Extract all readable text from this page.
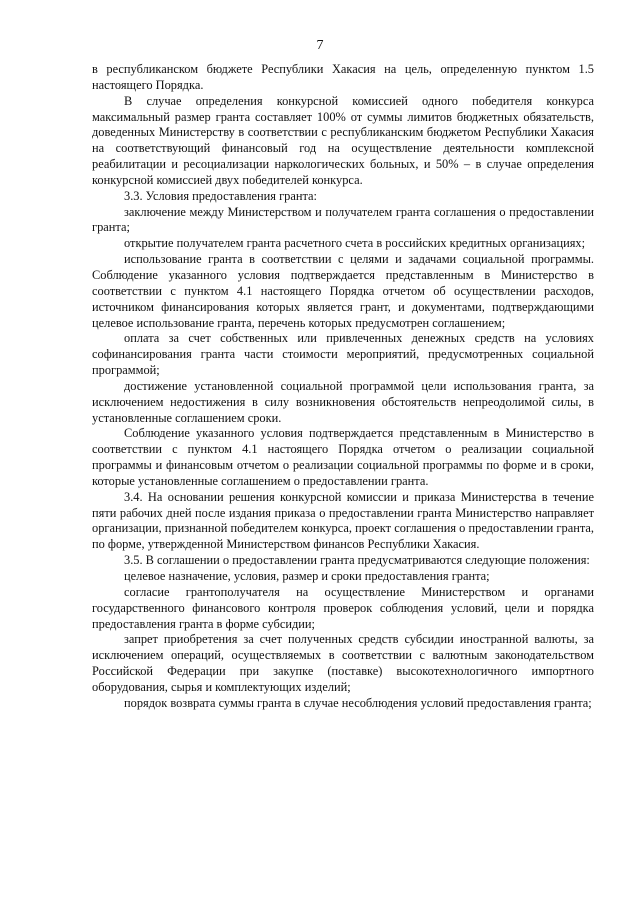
7

в республиканском бюджете Республики Хакасия на цель, определенную пунктом 1.5 настоящего Порядка.

В случае определения конкурсной комиссией одного победителя конкурса максимальный размер гранта составляет 100% от суммы лимитов бюджетных обязательств, доведенных Министерству в соответствии с республиканским бюджетом Республики Хакасия на соответствующий финансовый год на осуществление деятельности комплексной реабилитации и ресоциализации наркологических больных, и 50% – в случае определения конкурсной комиссией двух победителей конкурса.

3.3. Условия предоставления гранта:

заключение между Министерством и получателем гранта соглашения о предоставлении гранта;

открытие получателем гранта расчетного счета в российских кредитных организациях;

использование гранта в соответствии с целями и задачами социальной программы. Соблюдение указанного условия подтверждается представленным в Министерство в соответствии с пунктом 4.1 настоящего Порядка отчетом об осуществлении расходов, источником финансирования которых является грант, и документами, подтверждающими целевое использование гранта, перечень которых предусмотрен соглашением;

оплата за счет собственных или привлеченных денежных средств на условиях софинансирования гранта части стоимости мероприятий, предусмотренных социальной программой;

достижение установленной социальной программой цели использования гранта, за исключением недостижения в силу возникновения обстоятельств непреодолимой силы, в установленные соглашением сроки.

Соблюдение указанного условия подтверждается представленным в Министерство в соответствии с пунктом 4.1 настоящего Порядка отчетом о реализации социальной программы и финансовым отчетом о реализации социальной программы по форме и в сроки, которые установленные соглашением о предоставлении гранта.

3.4. На основании решения конкурсной комиссии и приказа Министерства в течение пяти рабочих дней после издания приказа о предоставлении гранта Министерство направляет организации, признанной победителем конкурса, проект соглашения о предоставлении гранта, по форме, утвержденной Министерством финансов Республики Хакасия.

3.5. В соглашении о предоставлении гранта предусматриваются следующие положения:

целевое назначение, условия, размер и сроки предоставления гранта;

согласие грантополучателя на осуществление Министерством и органами государственного финансового контроля проверок соблюдения условий, цели и порядка предоставления гранта в форме субсидии;

запрет приобретения за счет полученных средств субсидии иностранной валюты, за исключением операций, осуществляемых в соответствии с валютным законодательством Российской Федерации при закупке (поставке) высокотехнологичного импортного оборудования, сырья и комплектующих изделий;

порядок возврата суммы гранта в случае несоблюдения условий предоставления гранта;
